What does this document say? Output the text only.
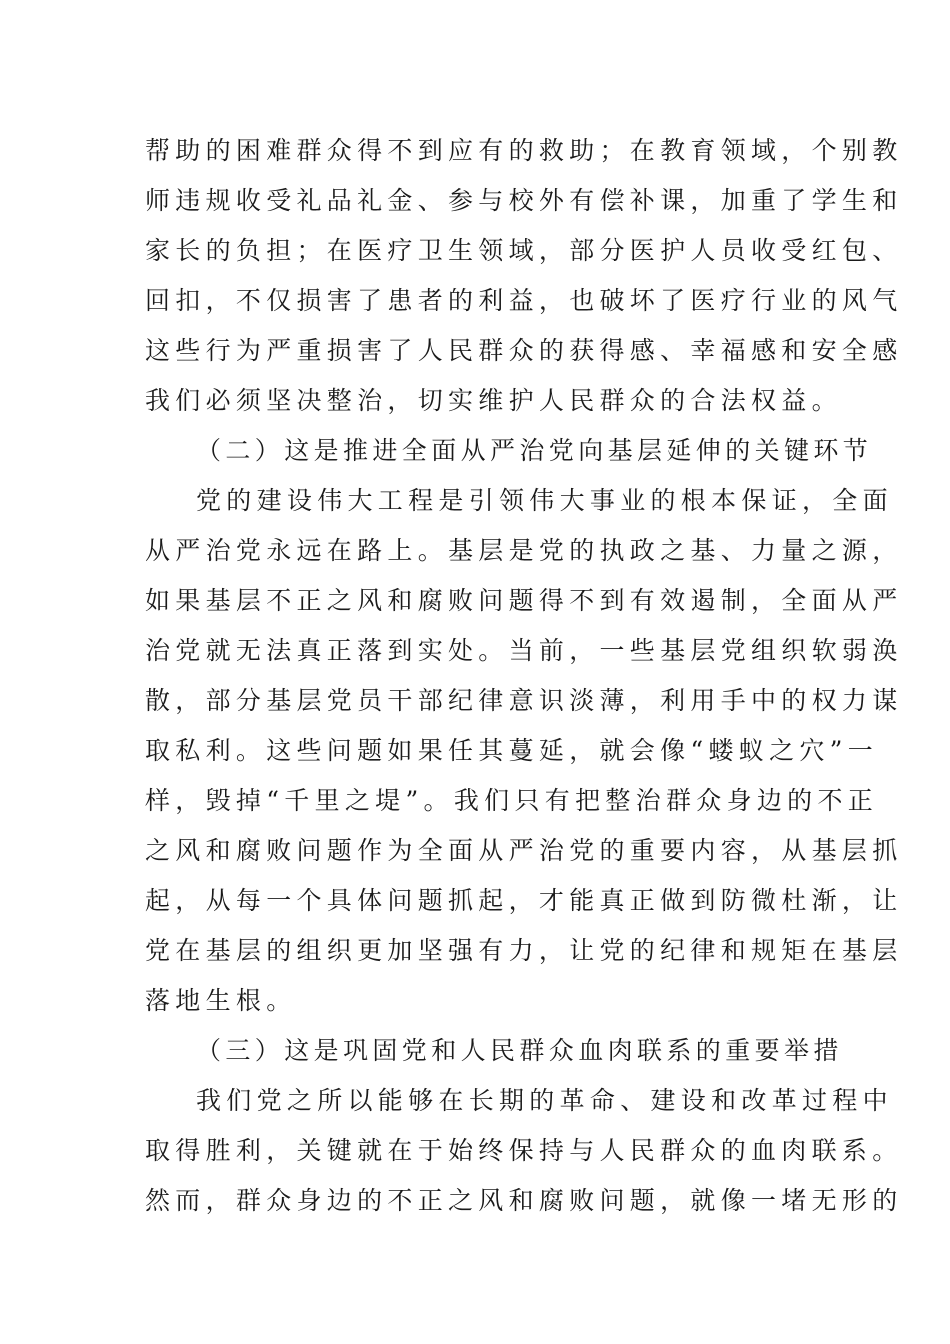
帮助的困难群众得不到应有的救助；在教育领域，个别教
师违规收受礼品礼金、参与校外有偿补课，加重了学生和
家长的负担；在医疗卫生领域，部分医护人员收受红包、
回扣，不仅损害了患者的利益，也破坏了医疗行业的风气
这些行为严重损害了人民群众的获得感、幸福感和安全感
我们必须坚决整治，切实维护人民群众的合法权益。
（二）这是推进全面从严治党向基层延伸的关键环节
党的建设伟大工程是引领伟大事业的根本保证，全面
从严治党永远在路上。基层是党的执政之基、力量之源，
如果基层不正之风和腐败问题得不到有效遏制，全面从严
治党就无法真正落到实处。当前，一些基层党组织软弱涣
散，部分基层党员干部纪律意识淡薄，利用手中的权力谋
取私利。这些问题如果任其蔓延，就会像“蝼蚁之穴”一
样，毁掉“千里之堤”。我们只有把整治群众身边的不正
之风和腐败问题作为全面从严治党的重要内容，从基层抓
起，从每一个具体问题抓起，才能真正做到防微杜渐，让
党在基层的组织更加坚强有力，让党的纪律和规矩在基层
落地生根。
（三）这是巩固党和人民群众血肉联系的重要举措
我们党之所以能够在长期的革命、建设和改革过程中
取得胜利，关键就在于始终保持与人民群众的血肉联系。
然而，群众身边的不正之风和腐败问题，就像一堵无形的
